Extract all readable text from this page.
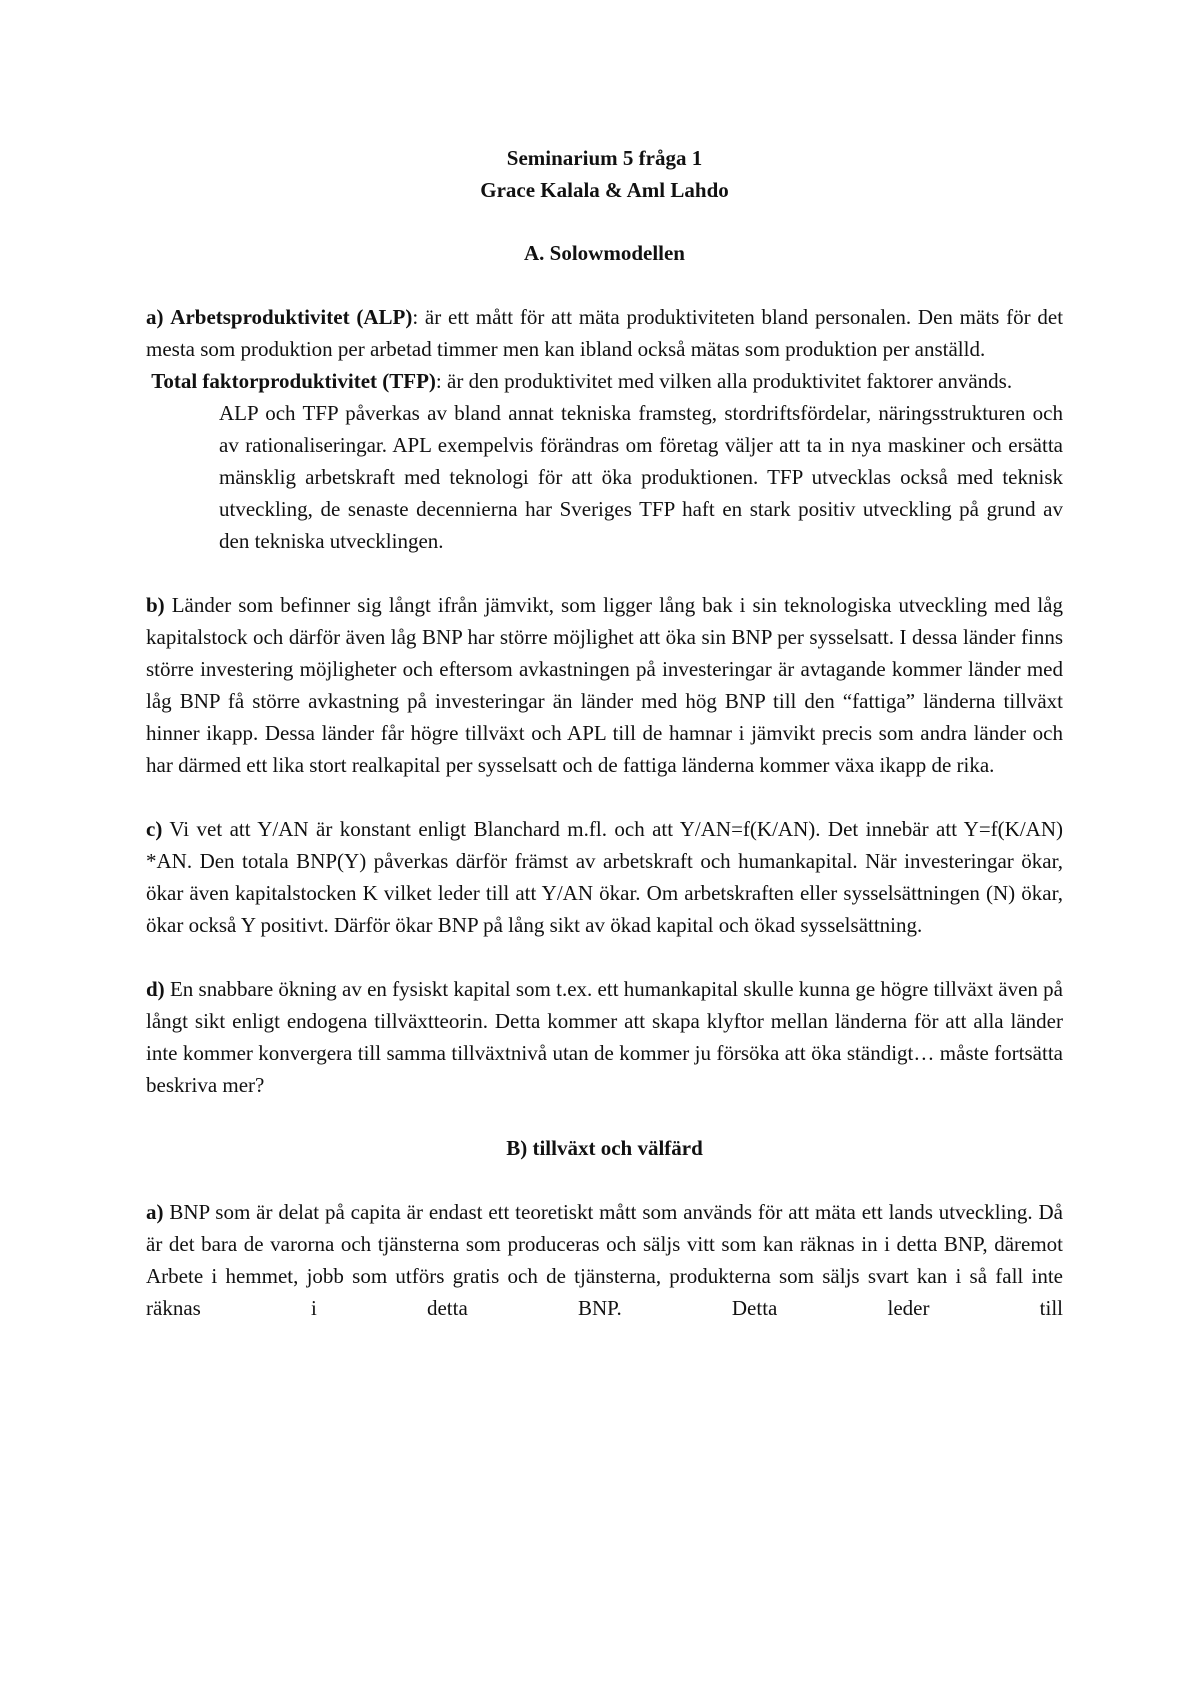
Seminarium 5 fråga 1
Grace Kalala & Aml Lahdo
A. Solowmodellen

a) Arbetsproduktivitet (ALP): är ett mått för att mäta produktiviteten bland personalen. Den mäts för det mesta som produktion per arbetad timmer men kan ibland också mätas som produktion per anställd.

Total faktorproduktivitet (TFP): är den produktivitet med vilken alla produktivitet faktorer används.

ALP och TFP påverkas av bland annat tekniska framsteg, stordriftsfördelar, näringsstrukturen och av rationaliseringar. APL exempelvis förändras om företag väljer att ta in nya maskiner och ersätta mänsklig arbetskraft med teknologi för att öka produktionen. TFP utvecklas också med teknisk utveckling, de senaste decennierna har Sveriges TFP haft en stark positiv utveckling på grund av den tekniska utvecklingen.

b) Länder som befinner sig långt ifrån jämvikt, som ligger lång bak i sin teknologiska utveckling med låg kapitalstock och därför även låg BNP har större möjlighet att öka sin BNP per sysselsatt. I dessa länder finns större investering möjligheter och eftersom avkastningen på investeringar är avtagande kommer länder med låg BNP få större avkastning på investeringar än länder med hög BNP till den “fattiga” länderna tillväxt hinner ikapp. Dessa länder får högre tillväxt och APL till de hamnar i jämvikt precis som andra länder och har därmed ett lika stort realkapital per sysselsatt och de fattiga länderna kommer växa ikapp de rika.

c) Vi vet att Y/AN är konstant enligt Blanchard m.fl. och att Y/AN=f(K/AN). Det innebär att Y=f(K/AN) *AN. Den totala BNP(Y) påverkas därför främst av arbetskraft och humankapital. När investeringar ökar, ökar även kapitalstocken K vilket leder till att Y/AN ökar. Om arbetskraften eller sysselsättningen (N) ökar, ökar också Y positivt. Därför ökar BNP på lång sikt av ökad kapital och ökad sysselsättning.

d) En snabbare ökning av en fysiskt kapital som t.ex. ett humankapital skulle kunna ge högre tillväxt även på långt sikt enligt endogena tillväxtteorin. Detta kommer att skapa klyftor mellan länderna för att alla länder inte kommer konvergera till samma tillväxtnivå utan de kommer ju försöka att öka ständigt… måste fortsätta beskriva mer?

B) tillväxt och välfärd

a) BNP som är delat på capita är endast ett teoretiskt mått som används för att mäta ett lands utveckling. Då är det bara de varorna och tjänsterna som produceras och säljs vitt som kan räknas in i detta BNP, däremot Arbete i hemmet, jobb som utförs gratis och de tjänsterna, produkterna som säljs svart kan i så fall inte räknas i detta BNP. Detta leder till
